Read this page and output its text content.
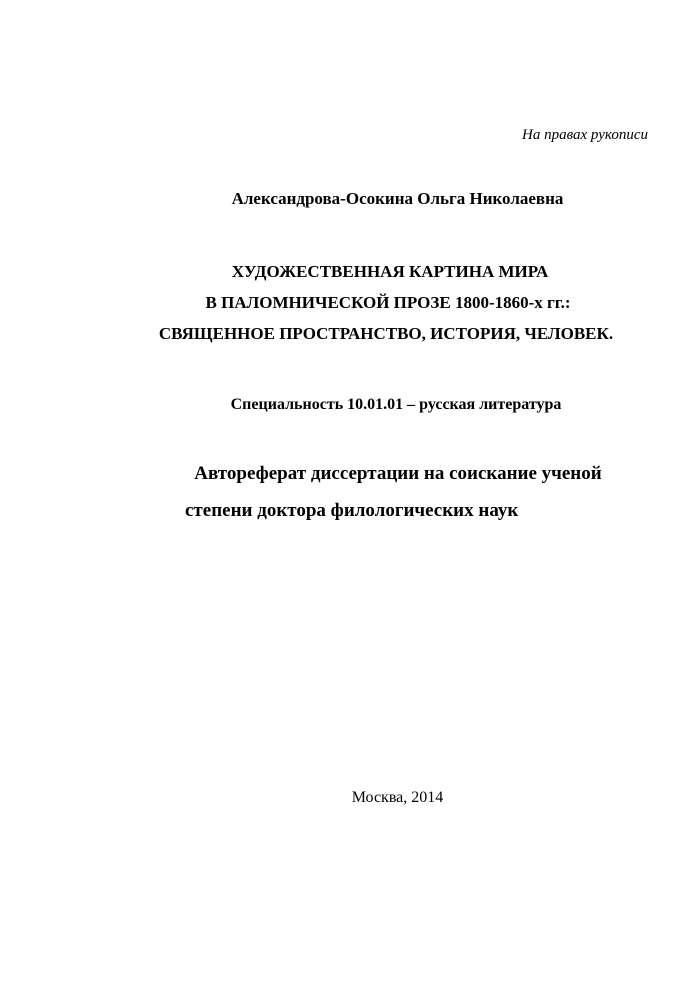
На правах рукописи
Александрова-Осокина Ольга Николаевна
ХУДОЖЕСТВЕННАЯ КАРТИНА МИРА
В ПАЛОМНИЧЕСКОЙ ПРОЗЕ 1800-1860-х гг.:
СВЯЩЕННОЕ ПРОСТРАНСТВО, ИСТОРИЯ, ЧЕЛОВЕК.
Специальность 10.01.01 – русская литература
Автореферат диссертации на соискание ученой
степени доктора филологических наук
Москва, 2014
